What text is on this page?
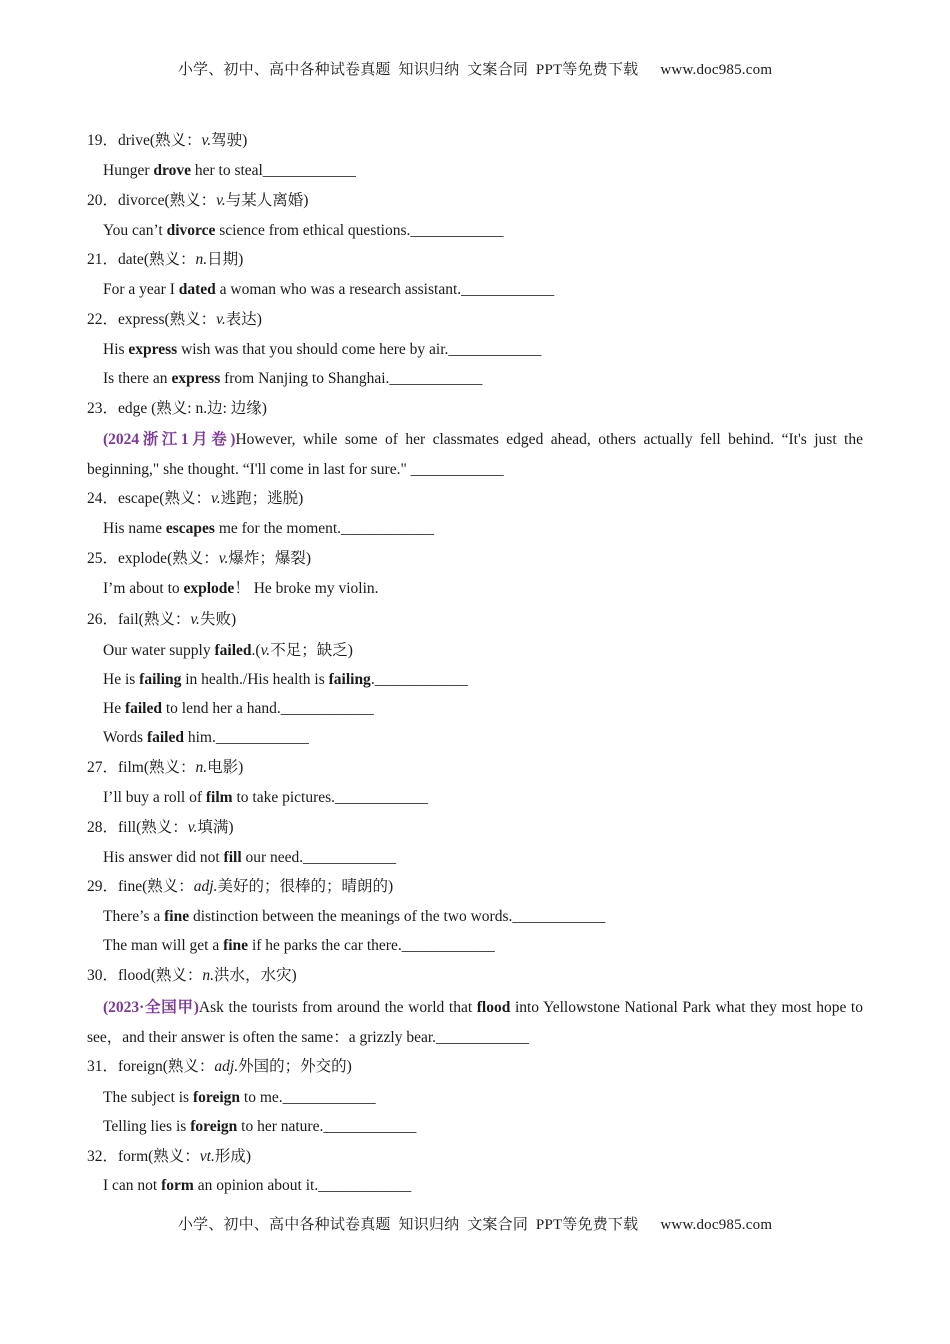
小学、初中、高中各种试卷真题  知识归纳  文案合同  PPT等免费下载 www.doc985.com
19．drive(熟义：v.驾驶)
Hunger drove her to steal____________
20．divorce(熟义：v.与某人离婚)
You can’t divorce science from ethical questions.____________
21．date(熟义：n.日期)
For a year I dated a woman who was a research assistant.____________
22．express(熟义：v.表达)
His express wish was that you should come here by air.____________
Is there an express from Nanjing to Shanghai.____________
23．edge (熟义: n.边: 边缘)
(2024浙江1月卷)However, while some of her classmates edged ahead, others actually fell behind. “It's just the beginning," she thought. “I'll come in last for sure." ____________
24．escape(熟义：v.逃跑；逃脱)
His name escapes me for the moment.____________
25．explode(熟义：v.爆炸；爆裂)
I’m about to explode！ He broke my violin.
26．fail(熟义：v.失败)
Our water supply failed.(v.不足；缺乏)
He is failing in health./His health is failing.____________
He failed to lend her a hand.____________
Words failed him.____________
27．film(熟义：n.电影)
I’ll buy a roll of film to take pictures.____________
28．fill(熟义：v.填满)
His answer did not fill our need.____________
29．fine(熟义：adj.美好的；很棒的；晴朗的)
There’s a fine distinction between the meanings of the two words.____________
The man will get a fine if he parks the car there.____________
30．flood(熟义：n.洪水，水灾)
(2023·全国甲)Ask the tourists from around the world that flood into Yellowstone National Park what they most hope to see，and their answer is often the same：a grizzly bear.____________
31．foreign(熟义：adj.外国的；外交的)
The subject is foreign to me.____________
Telling lies is foreign to her nature.____________
32．form(熟义：vt.形成)
I can not form an opinion about it.____________
小学、初中、高中各种试卷真题  知识归纳  文案合同  PPT等免费下载 www.doc985.com
